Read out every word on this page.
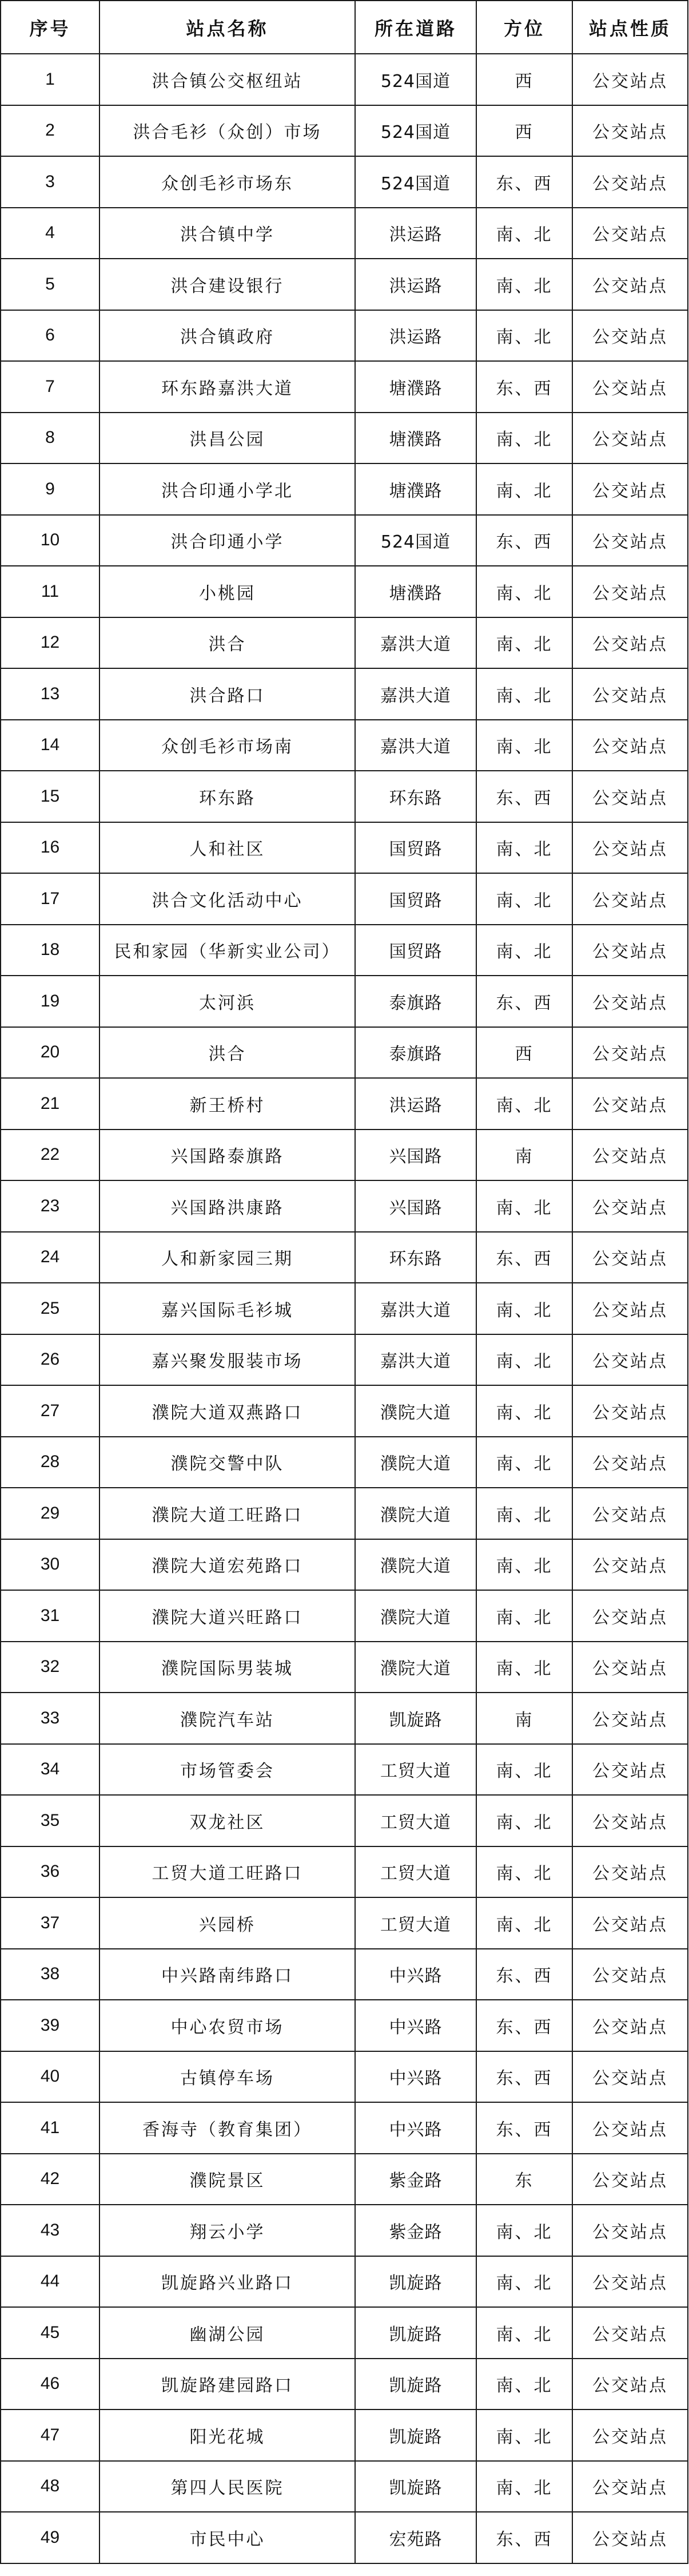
序号	站点名称	所在道路	方位	站点性质
1	洪合镇公交枢纽站	524国道	西	公交站点
2	洪合毛衫（众创）市场	524国道	西	公交站点
3	众创毛衫市场东	524国道	东、西	公交站点
4	洪合镇中学	洪运路	南、北	公交站点
5	洪合建设银行	洪运路	南、北	公交站点
6	洪合镇政府	洪运路	南、北	公交站点
7	环东路嘉洪大道	塘濮路	东、西	公交站点
8	洪昌公园	塘濮路	南、北	公交站点
9	洪合印通小学北	塘濮路	南、北	公交站点
10	洪合印通小学	524国道	东、西	公交站点
11	小桃园	塘濮路	南、北	公交站点
12	洪合	嘉洪大道	南、北	公交站点
13	洪合路口	嘉洪大道	南、北	公交站点
14	众创毛衫市场南	嘉洪大道	南、北	公交站点
15	环东路	环东路	东、西	公交站点
16	人和社区	国贸路	南、北	公交站点
17	洪合文化活动中心	国贸路	南、北	公交站点
18	民和家园（华新实业公司）	国贸路	南、北	公交站点
19	太河浜	泰旗路	东、西	公交站点
20	洪合	泰旗路	西	公交站点
21	新王桥村	洪运路	南、北	公交站点
22	兴国路泰旗路	兴国路	南	公交站点
23	兴国路洪康路	兴国路	南、北	公交站点
24	人和新家园三期	环东路	东、西	公交站点
25	嘉兴国际毛衫城	嘉洪大道	南、北	公交站点
26	嘉兴聚发服装市场	嘉洪大道	南、北	公交站点
27	濮院大道双燕路口	濮院大道	南、北	公交站点
28	濮院交警中队	濮院大道	南、北	公交站点
29	濮院大道工旺路口	濮院大道	南、北	公交站点
30	濮院大道宏苑路口	濮院大道	南、北	公交站点
31	濮院大道兴旺路口	濮院大道	南、北	公交站点
32	濮院国际男装城	濮院大道	南、北	公交站点
33	濮院汽车站	凯旋路	南	公交站点
34	市场管委会	工贸大道	南、北	公交站点
35	双龙社区	工贸大道	南、北	公交站点
36	工贸大道工旺路口	工贸大道	南、北	公交站点
37	兴园桥	工贸大道	南、北	公交站点
38	中兴路南纬路口	中兴路	东、西	公交站点
39	中心农贸市场	中兴路	东、西	公交站点
40	古镇停车场	中兴路	东、西	公交站点
41	香海寺（教育集团）	中兴路	东、西	公交站点
42	濮院景区	紫金路	东	公交站点
43	翔云小学	紫金路	南、北	公交站点
44	凯旋路兴业路口	凯旋路	南、北	公交站点
45	幽湖公园	凯旋路	南、北	公交站点
46	凯旋路建园路口	凯旋路	南、北	公交站点
47	阳光花城	凯旋路	南、北	公交站点
48	第四人民医院	凯旋路	南、北	公交站点
49	市民中心	宏苑路	东、西	公交站点
